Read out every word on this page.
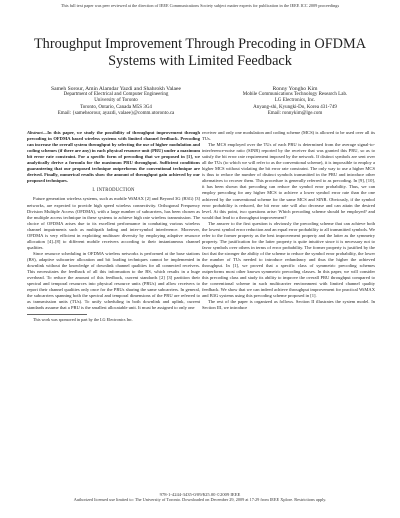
This full text paper was peer reviewed at the direction of IEEE Communications Society subject matter experts for publication in the IEEE ICC 2009 proceedings
Throughput Improvement Through Precoding in OFDMA Systems with Limited Feedback
Sameh Sorour, Amin Alamdar Yazdi and Shahrokh Valaee
Department of Electrical and Computer Engineering
University of Toronto
Toronto, Ontario, Canada M5S 3G4
Email: {samehsorour, ayazdi, valaee}@comm.utoronto.ca
Ronny Yongho Kim
Mobile Communications Technology Research Lab.
LG Electronics, Inc.
Anyang-shi, Kyungki-Do, Korea 431-749
Email: ronnykim@lge.com

Abstract—In this paper, we study the possibility of throughput improvement through precoding in OFDMA based wireless systems with limited channel feedback. Precoding can increase the overall system throughput by selecting the use of higher modulation and coding schemes (if there are any) in each physical resource unit (PRU) under a maximum bit error rate constraint. For a specific form of precoding that we proposed in [1], we analytically derive a formula for the maximum PRU throughput. Sufficient conditions guaranteeing that our proposed technique outperforms the conventional technique are derived. Finally, numerical results show the amount of throughput gain achieved by our proposed techniques.

I. INTRODUCTION

Future generation wireless systems, such as mobile WiMAX [2] and Beyond 3G (B3G) [3] networks, are expected to provide high speed wireless connectivity. Orthogonal Frequency Division Multiple Access (OFDMA), with a large number of subcarriers, has been chosen as the multiple access technique in these systems to achieve high rate wireless transmission. The choice of OFDMA arises due to its excellent performance in combating various wireless channel impairments such as multipath fading and inter-symbol interference. Moreover, OFDMA is very efficient in exploiting multiuser diversity by employing adaptive resource allocation [4]–[8] to different mobile receivers according to their instantaneous channel qualities.

Since resource scheduling in OFDMA wireless networks is performed at the base stations (BS), adaptive subcarrier allocation and bit loading techniques cannot be implemented in downlink without the knowledge of downlink channel qualities for all connected receivers. This necessitates the feedback of all this information to the BS, which results in a huge overhead. To reduce the amount of this feedback, current standards [2] [3] partition their spectral and temporal resources into physical resource units (PRUs) and allow receivers to report their channel qualities only once for the PRUs sharing the same subcarriers. In general, the subcarriers spanning both the spectral and temporal dimensions of the PRU are referred to as transmission units (TUs). To unify scheduling in both downlink and uplink, current standards assume that a PRU is the smallest allocatable unit. It must be assigned to only one

This work was sponsored in part by the LG Electronics Inc.

receiver and only one modulation and coding scheme (MCS) is allowed to be used over all its TUs.

The MCS employed over the TUs of each PRU is determined from the average signal-to-interference-noise ratio (SINR) reported by the receiver that was granted this PRU, so as to satisfy the bit error rate requirement imposed by the network. If distinct symbols are sent over all the TUs (to which we will refer to as the conventional scheme), it is impossible to employ a higher MCS without violating the bit error rate constraint. The only way to use a higher MCS is thus to reduce the number of distinct symbols transmitted in the PRU and introduce other alternatives to recover them. This procedure is generally referred to as precoding. In [9], [10], it has been shown that precoding can reduce the symbol error probability. Thus, we can employ precoding for any higher MCS to achieve a lower symbol error rate than the one achieved by the conventional scheme for the same MCS and SINR. Obviously, if the symbol error probability is reduced, the bit error rate will also decrease and can attain the desired level. At this point, two questions arise: Which precoding scheme should be employed? and would that lead to a throughput improvement?

The answer to the first question is obviously the precoding scheme that can achieve both the lowest symbol error reduction and an equal error probability to all transmitted symbols. We refer to the former property as the best improvement property and the latter as the symmetry property. The justification for the latter property is quite intuitive since it is necessary not to favor symbols over others in terms of error probability. The former property is justified by the fact that the stronger the ability of the scheme to reduce the symbol error probability, the lower the number of TUs needed to introduce redundancy and thus the higher the achieved throughput. In [1], we proved that a specific class of symmetric precoding schemes outperforms most other known symmetric precoding classes. In this paper, we will consider this precoding class and study its ability to improve the overall PRU throughput compared to the conventional scheme in such multicarrier environment with limited channel quality feedback. We show that we can indeed achieve throughput improvement for practical WiMAX and B3G systems using this precoding scheme proposed in [1].

The rest of the paper is organized as follows. Section II illustrates the system model. In Section III, we introduce

978-1-4244-3435-0/09/$25.00 ©2009 IEEE
Authorized licensed use limited to: The University of Toronto. Downloaded on December 29, 2009 at 17:29 from IEEE Xplore. Restrictions apply.
